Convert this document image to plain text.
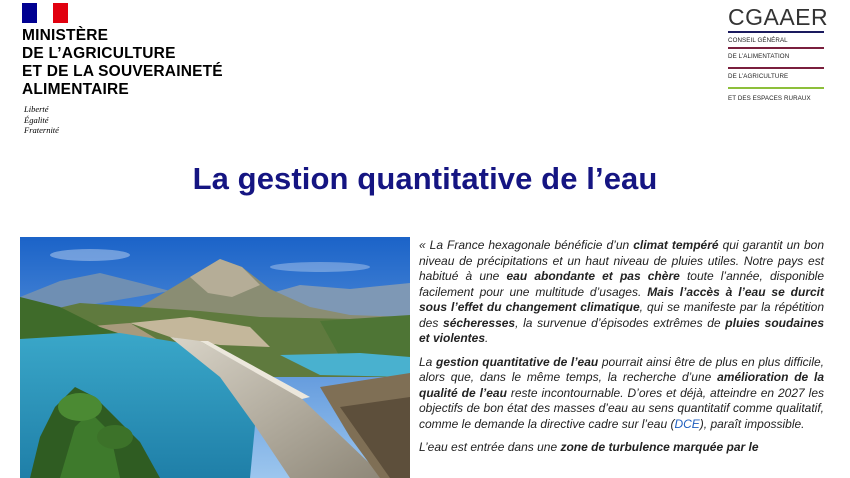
MINISTÈRE
DE L’AGRICULTURE
ET DE LA SOUVERAINETÉ
ALIMENTAIRE
Liberté
Égalité
Fraternité
CGAAER
CONSEIL GÉNÉRAL
DE L’ALIMENTATION
DE L’AGRICULTURE
ET DES ESPACES RURAUX
La gestion quantitative de l’eau

« La France hexagonale bénéficie d’un climat tempéré qui garantit un bon niveau de précipitations et un haut niveau de pluies utiles. Notre pays est habitué à une eau abondante et pas chère toute l’année, disponible facilement pour une multitude d’usages. Mais l’accès à l’eau se durcit sous l’effet du changement climatique, qui se manifeste par la répétition des sécheresses, la survenue d’épisodes extrêmes de pluies soudaines et violentes.

La gestion quantitative de l’eau pourrait ainsi être de plus en plus difficile, alors que, dans le même temps, la recherche d’une amélioration de la qualité de l’eau reste incontournable. D’ores et déjà, atteindre en 2027 les objectifs de bon état des masses d’eau au sens quantitatif comme qualitatif, comme le demande la directive cadre sur l’eau (DCE), paraît impossible.

L’eau est entrée dans une zone de turbulence marquée par le
